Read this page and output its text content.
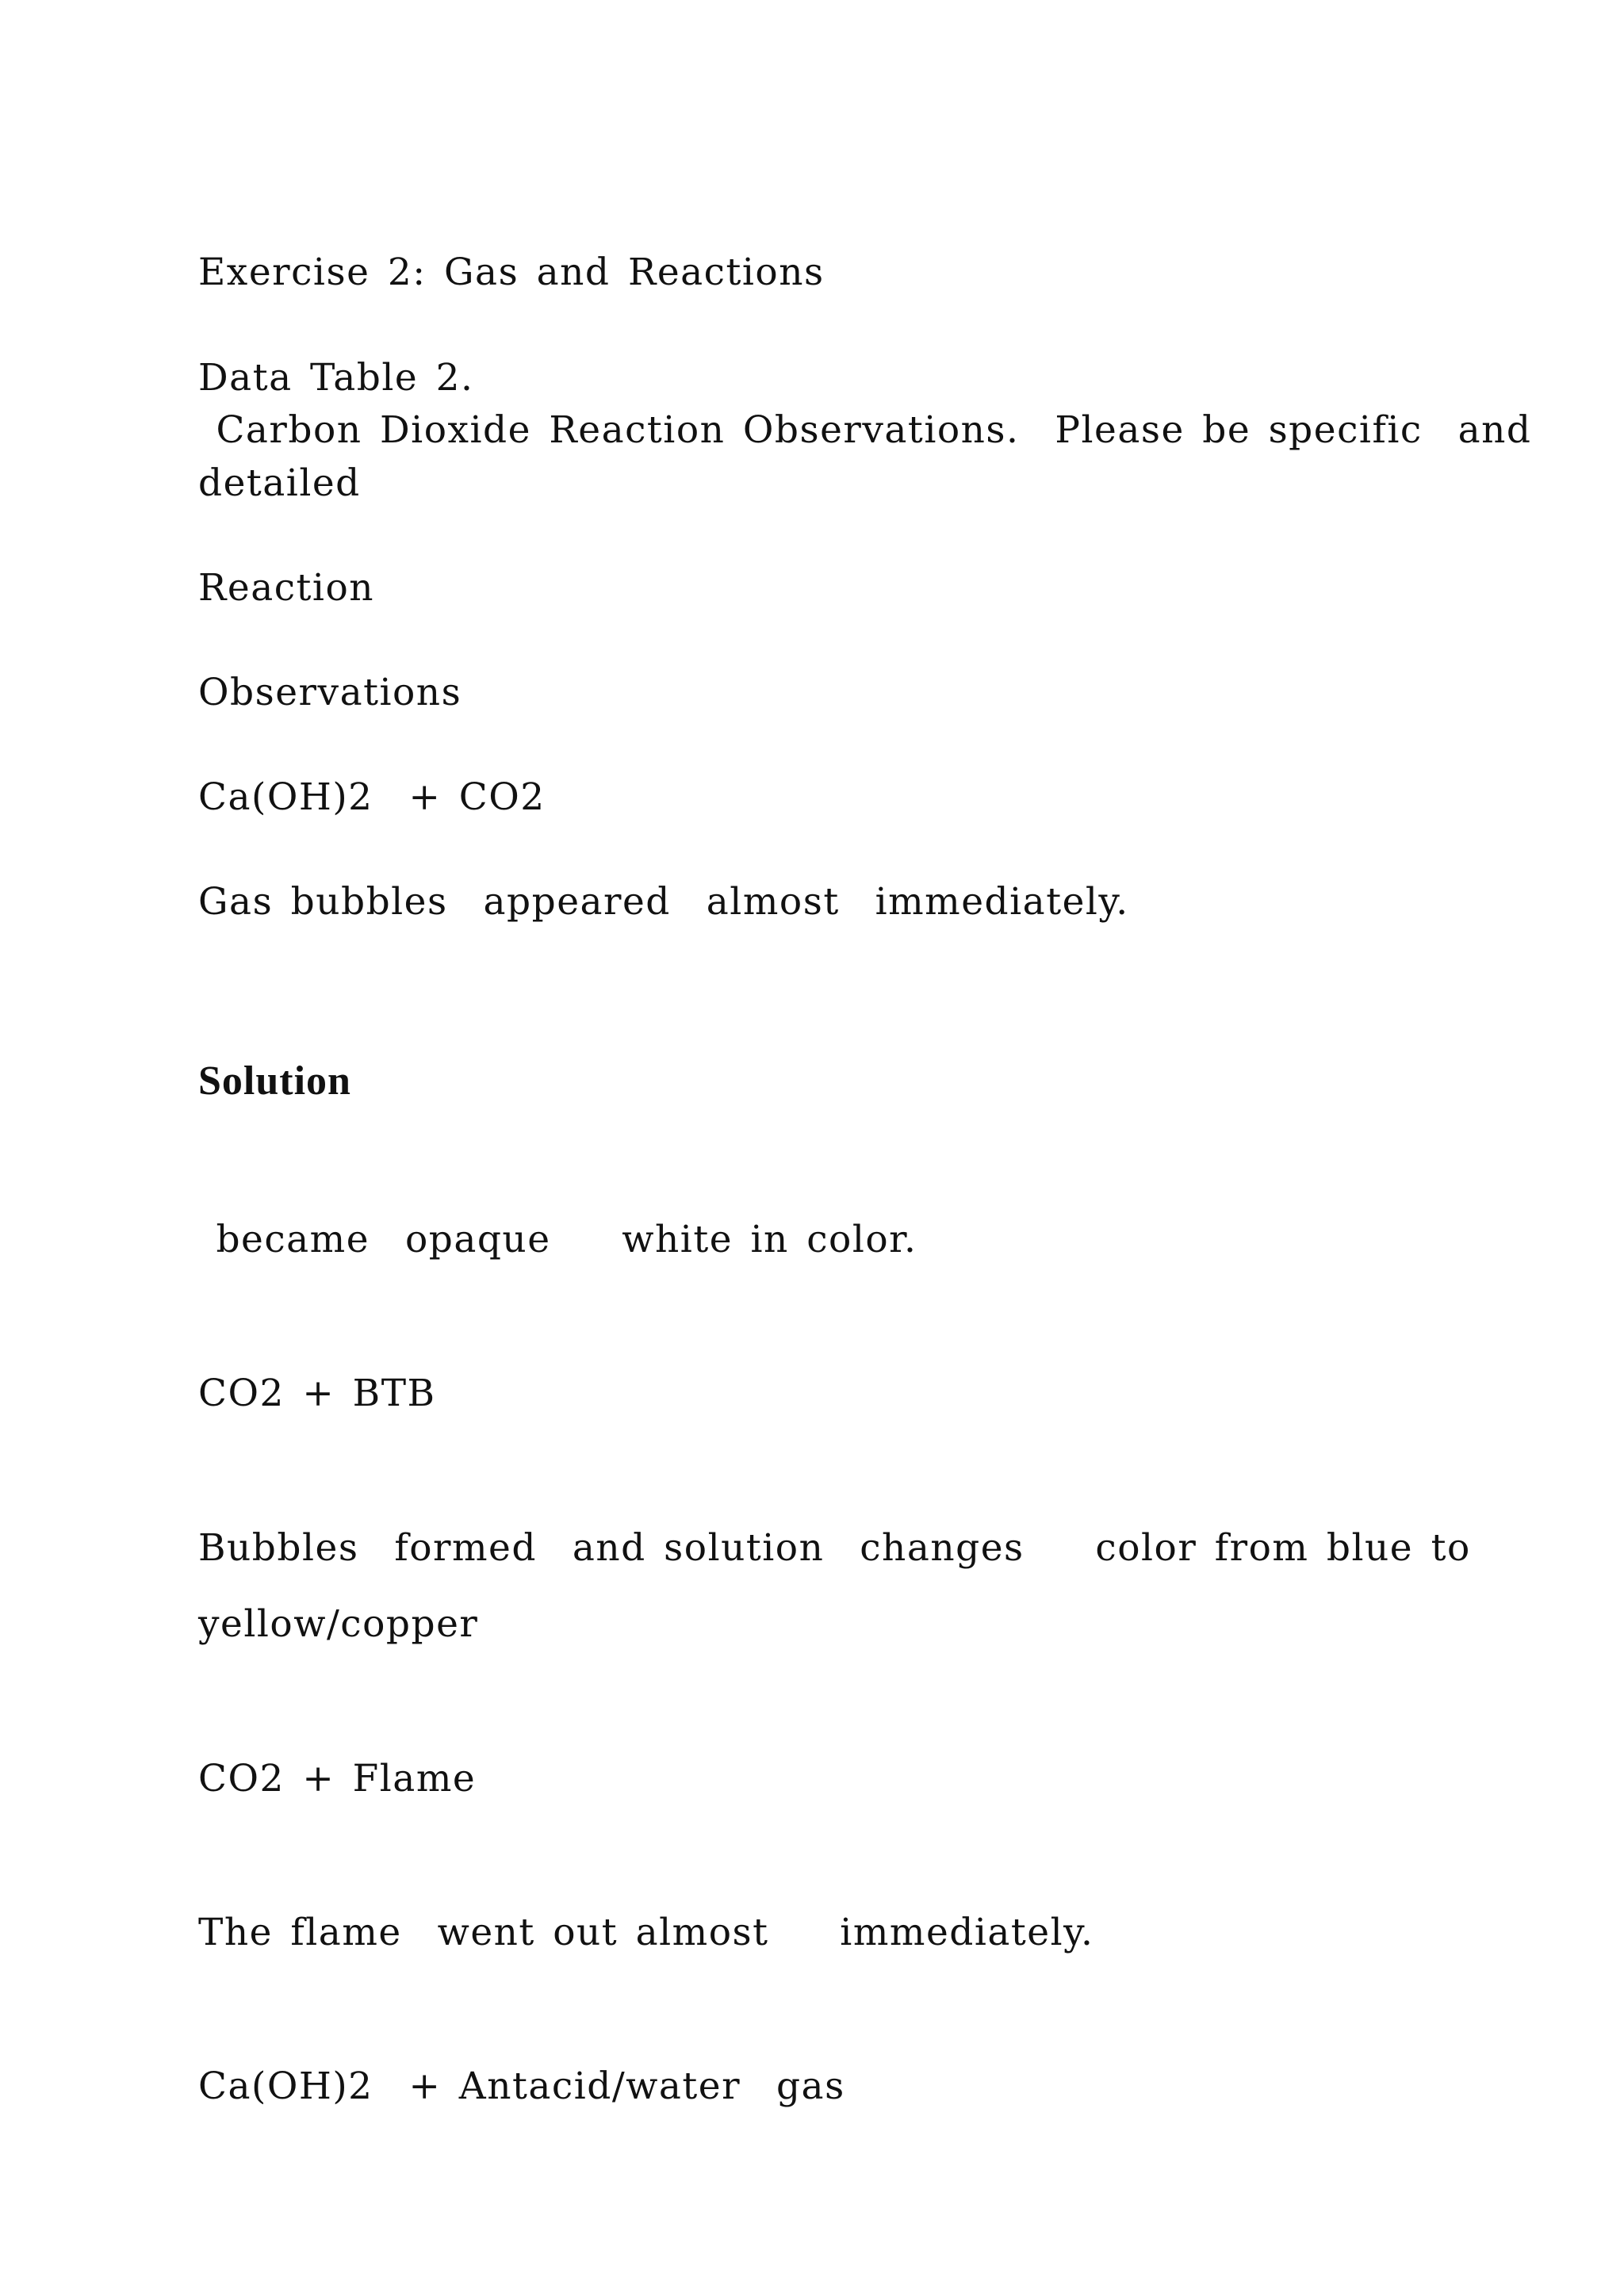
Exercise 2: Gas and Reactions

Data Table 2.

Carbon Dioxide Reaction Observations.  Please be specific  and

detailed

Reaction

Observations

Ca(OH)2  + CO2

Gas bubbles  appeared  almost  immediately.

Solution

became  opaque    white in color.

CO2 + BTB

Bubbles  formed  and solution  changes    color from blue to

yellow/copper

CO2 + Flame

The flame  went out almost    immediately.

Ca(OH)2  + Antacid/water  gas
